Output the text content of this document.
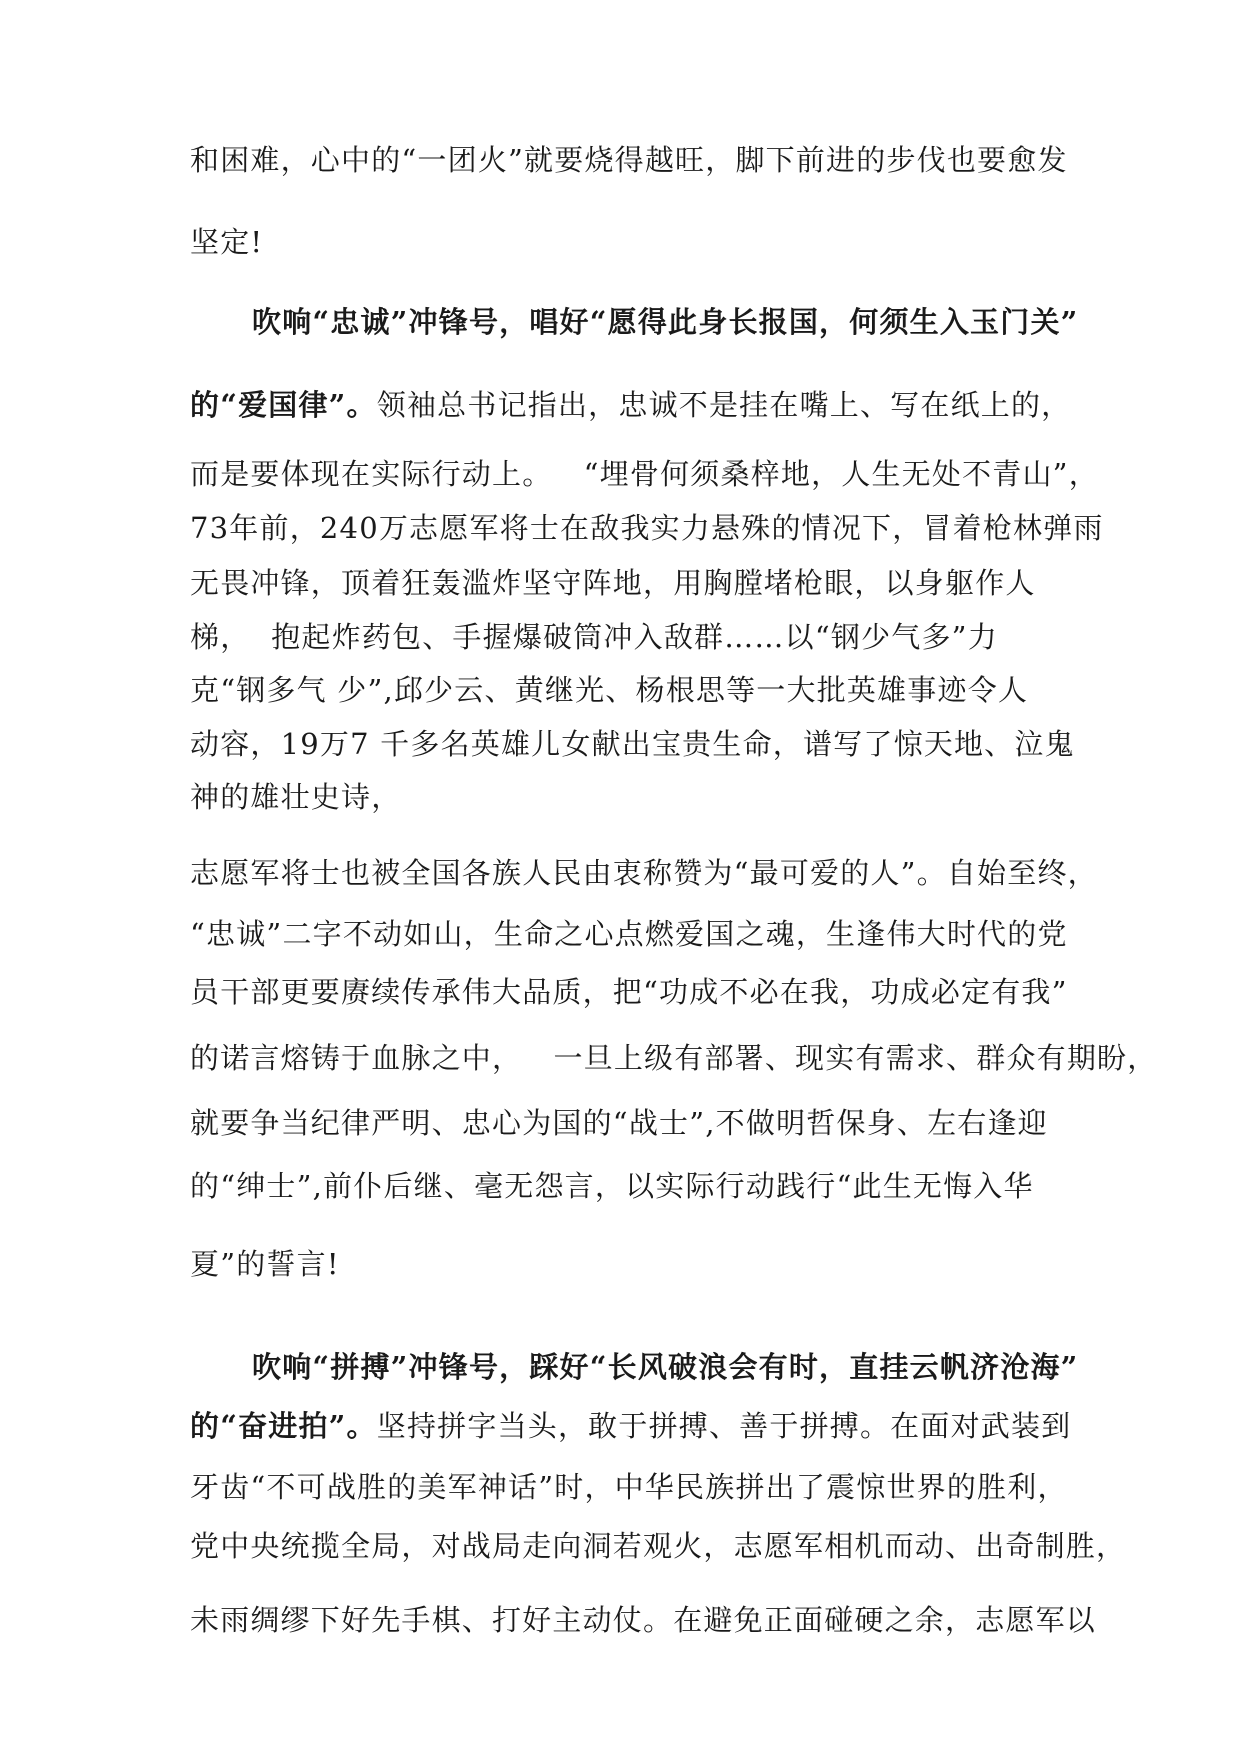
和困难，心中的“一团火”就要烧得越旺，脚下前进的步伐也要愈发
坚定!
吹响“忠诚”冲锋号，唱好“愿得此身长报国，何须生入玉门关”
的“爱国律”。领袖总书记指出，忠诚不是挂在嘴上、写在纸上的，
而是要体现在实际行动上。   “埋骨何须桑梓地，人生无处不青山”，
73年前，240万志愿军将士在敌我实力悬殊的情况下，冒着枪林弹雨
无畏冲锋，顶着狂轰滥炸坚守阵地，用胸膛堵枪眼，以身躯作人
梯，  抱起炸药包、手握爆破筒冲入敌群……以“钢少气多”力
克“钢多气 少”,邱少云、黄继光、杨根思等一大批英雄事迹令人
动容，19万7 千多名英雄儿女献出宝贵生命，谱写了惊天地、泣鬼
神的雄壮史诗，
志愿军将士也被全国各族人民由衷称赞为“最可爱的人”。自始至终，
“忠诚”二字不动如山，生命之心点燃爱国之魂，生逢伟大时代的党
员干部更要赓续传承伟大品质，把“功成不必在我，功成必定有我”
的诺言熔铸于血脉之中，   一旦上级有部署、现实有需求、群众有期盼，
就要争当纪律严明、忠心为国的“战士”,不做明哲保身、左右逢迎
的“绅士”,前仆后继、毫无怨言，以实际行动践行“此生无悔入华
夏”的誓言!
吹响“拼搏”冲锋号，踩好“长风破浪会有时，直挂云帆济沧海”
的“奋进拍”。坚持拼字当头，敢于拼搏、善于拼搏。在面对武装到
牙齿“不可战胜的美军神话”时，中华民族拼出了震惊世界的胜利，
党中央统揽全局，对战局走向洞若观火，志愿军相机而动、出奇制胜，
未雨绸缪下好先手棋、打好主动仗。在避免正面碰硬之余，志愿军以
